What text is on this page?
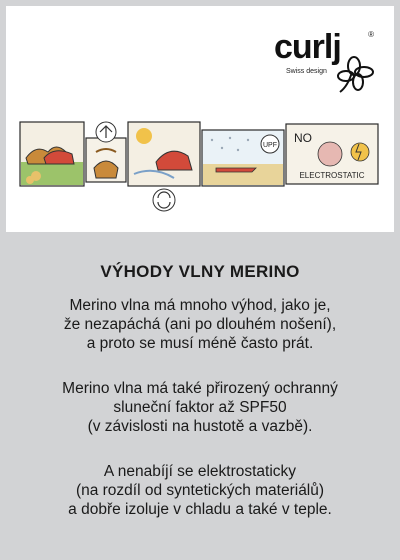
curlj
Swiss design
®
UPF
NO
ELECTROSTATIC
VÝHODY VLNY MERINO
Merino vlna má mnoho výhod, jako je,
že nezapáchá (ani po dlouhém nošení),
a proto se musí méně často prát.
Merino vlna má také přirozený ochranný
sluneční faktor až SPF50
(v závislosti na hustotě a vazbě).
A nenabíjí se elektrostaticky
(na rozdíl od syntetických materiálů)
a dobře izoluje v chladu a také v teple.
